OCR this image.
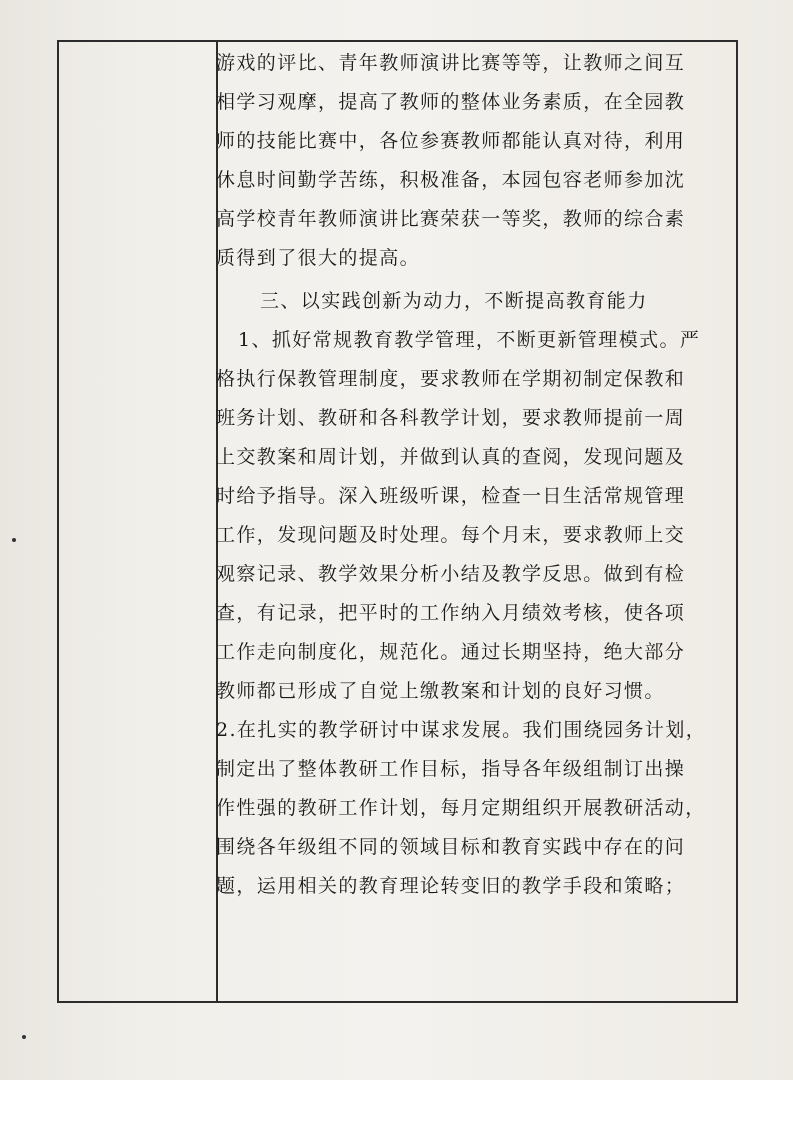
游戏的评比、青年教师演讲比赛等等，让教师之间互
相学习观摩，提高了教师的整体业务素质，在全园教
师的技能比赛中，各位参赛教师都能认真对待，利用
休息时间勤学苦练，积极准备，本园包容老师参加沈
高学校青年教师演讲比赛荣获一等奖，教师的综合素
质得到了很大的提高。
三、以实践创新为动力，不断提高教育能力
1、抓好常规教育教学管理，不断更新管理模式。严
格执行保教管理制度，要求教师在学期初制定保教和
班务计划、教研和各科教学计划，要求教师提前一周
上交教案和周计划，并做到认真的查阅，发现问题及
时给予指导。深入班级听课，检查一日生活常规管理
工作，发现问题及时处理。每个月末，要求教师上交
观察记录、教学效果分析小结及教学反思。做到有检
查，有记录，把平时的工作纳入月绩效考核，使各项
工作走向制度化，规范化。通过长期坚持，绝大部分
教师都已形成了自觉上缴教案和计划的良好习惯。
2.在扎实的教学研讨中谋求发展。我们围绕园务计划，
制定出了整体教研工作目标，指导各年级组制订出操
作性强的教研工作计划，每月定期组织开展教研活动，
围绕各年级组不同的领域目标和教育实践中存在的问
题，运用相关的教育理论转变旧的教学手段和策略；
